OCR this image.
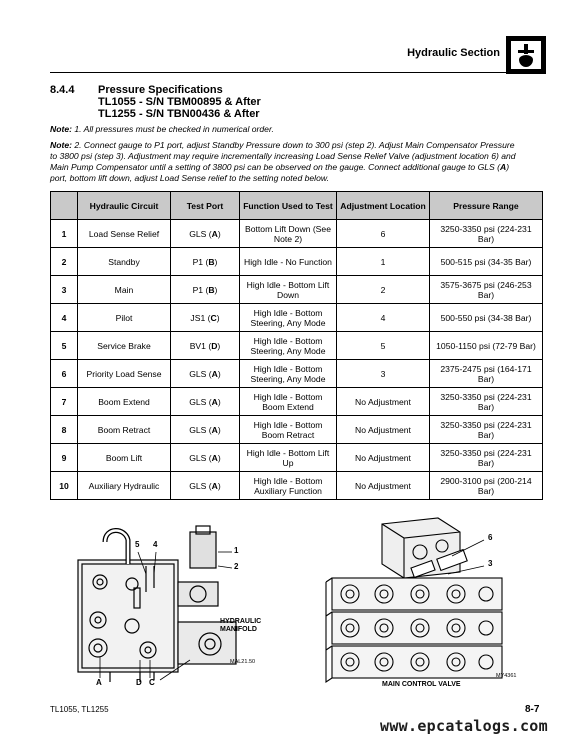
Hydraulic Section
8.4.4 Pressure Specifications
TL1055 - S/N TBM00895 & After
TL1255 - S/N TBN00436 & After
Note: 1. All pressures must be checked in numerical order.
Note: 2. Connect gauge to P1 port, adjust Standby Pressure down to 300 psi (step 2). Adjust Main Compensator Pressure to 3800 psi (step 3). Adjustment may require incrementally increasing Load Sense Relief Valve (adjustment location 6) and Main Pump Compensator until a setting of 3800 psi can be observed on the gauge. Connect additional gauge to GLS (A) port, bottom lift down, adjust Load Sense relief to the setting noted below.
	Hydraulic Circuit	Test Port	Function Used to Test	Adjustment Location	Pressure Range
1	Load Sense Relief	GLS (A)	Bottom Lift Down (See Note 2)	6	3250-3350 psi (224-231 Bar)
2	Standby	P1 (B)	High Idle - No Function	1	500-515 psi (34-35 Bar)
3	Main	P1 (B)	High Idle - Bottom Lift Down	2	3575-3675 psi (246-253 Bar)
4	Pilot	JS1 (C)	High Idle - Bottom Steering, Any Mode	4	500-550 psi (34-38 Bar)
5	Service Brake	BV1 (D)	High Idle - Bottom Steering, Any Mode	5	1050-1150 psi (72-79 Bar)
6	Priority Load Sense	GLS (A)	High Idle - Bottom Steering, Any Mode	3	2375-2475 psi (164-171 Bar)
7	Boom Extend	GLS (A)	High Idle - Bottom Boom Extend	No Adjustment	3250-3350 psi (224-231 Bar)
8	Boom Retract	GLS (A)	High Idle - Bottom Boom Retract	No Adjustment	3250-3350 psi (224-231 Bar)
9	Boom Lift	GLS (A)	High Idle - Bottom Lift Up	No Adjustment	3250-3350 psi (224-231 Bar)
10	Auxiliary Hydraulic	GLS (A)	High Idle - Bottom Auxiliary Function	No Adjustment	2900-3100 psi (200-214 Bar)
5 4
1
2
A	D C
HYDRAULIC
MANIFOLD
MAL21.50
6
3
MAIN CONTROL VALVE
MY4361
TL1055, TL1255	8-7
www.epcatalogs.com
